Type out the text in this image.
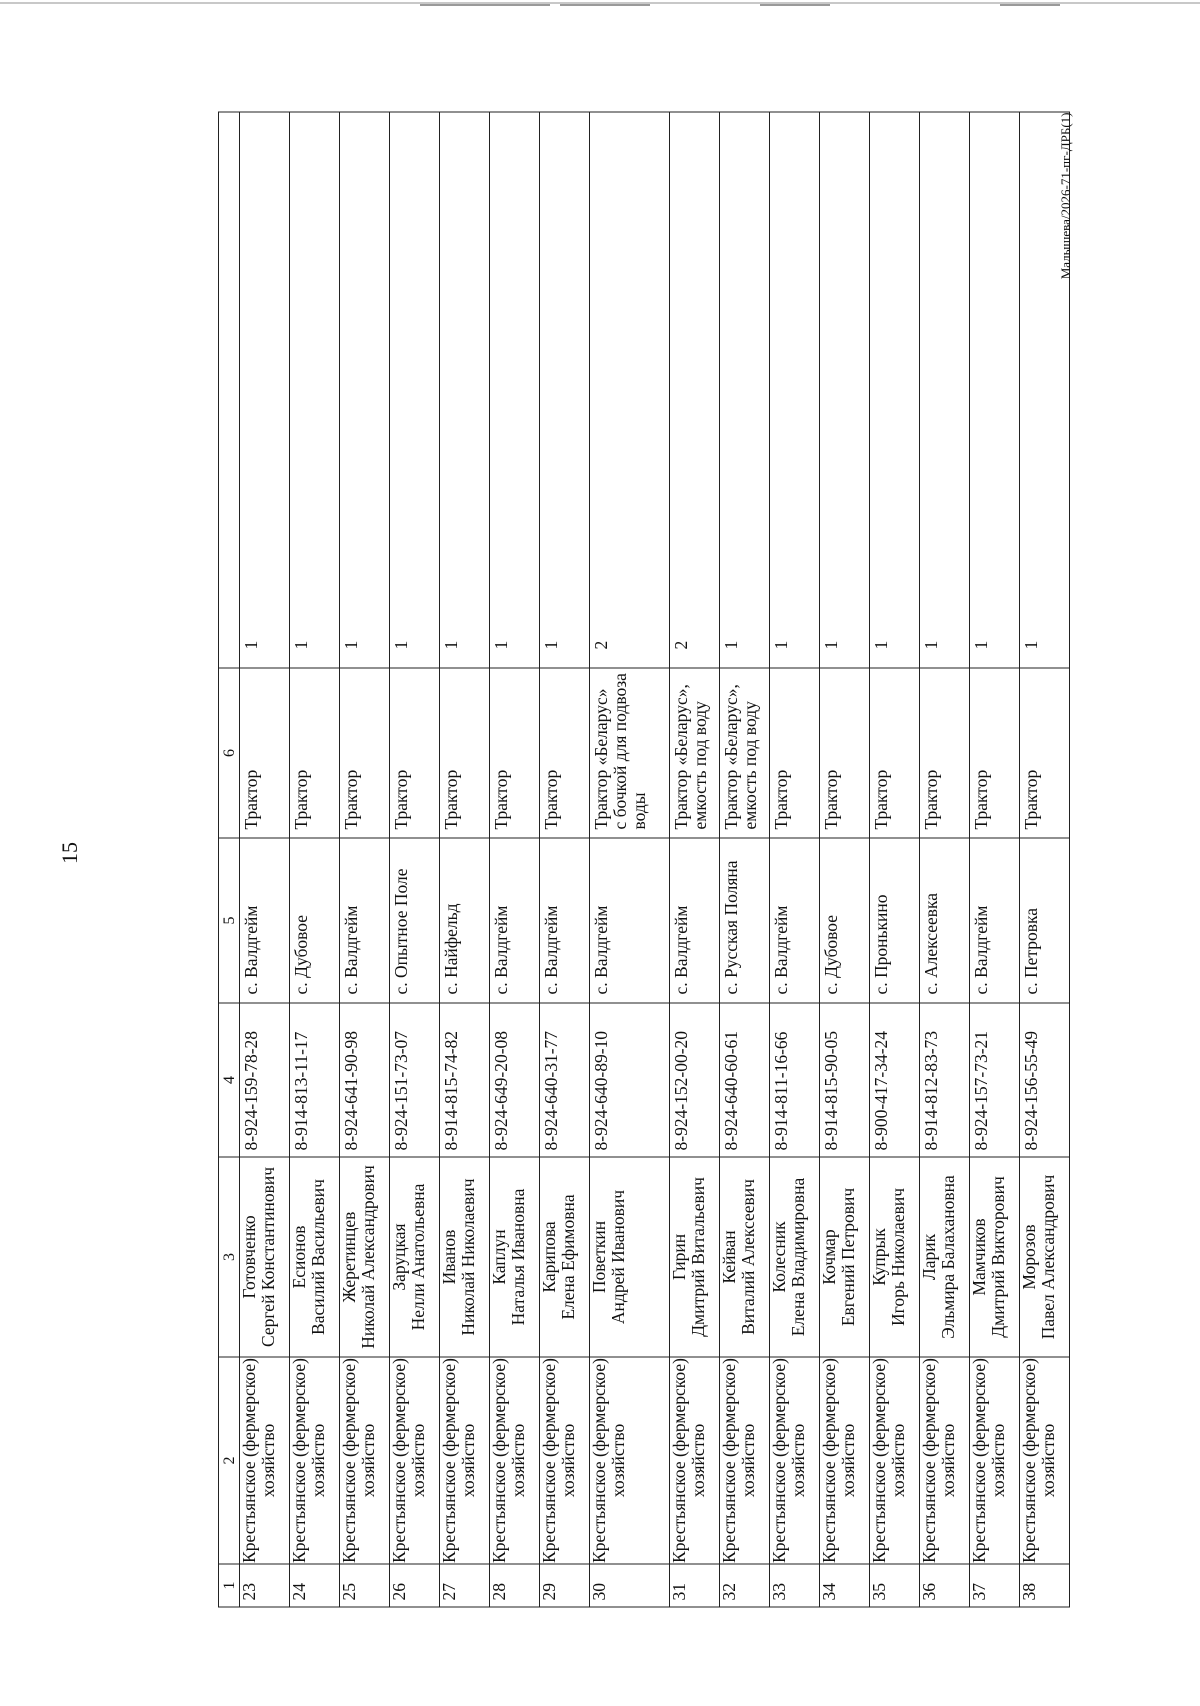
15
1	2	3	4	5	6	
23	Крестьянское (фермерское) хозяйство	Готовченко Сергей Константинович	8-924-159-78-28	с. Валдгейм	Трактор	1
24	Крестьянское (фермерское) хозяйство	Есионов Василий Васильевич	8-914-813-11-17	с. Дубовое	Трактор	1
25	Крестьянское (фермерское) хозяйство	Жеретинцев Николай Александрович	8-924-641-90-98	с. Валдгейм	Трактор	1
26	Крестьянское (фермерское) хозяйство	Заруцкая Нелли Анатольевна	8-924-151-73-07	с. Опытное Поле	Трактор	1
27	Крестьянское (фермерское) хозяйство	Иванов Николай Николаевич	8-914-815-74-82	с. Найфельд	Трактор	1
28	Крестьянское (фермерское) хозяйство	Каплун Наталья Ивановна	8-924-649-20-08	с. Валдгейм	Трактор	1
29	Крестьянское (фермерское) хозяйство	Карипова Елена Ефимовна	8-924-640-31-77	с. Валдгейм	Трактор	1
30	Крестьянское (фермерское) хозяйство	Поветкин Андрей Иванович	8-924-640-89-10	с. Валдгейм	Трактор «Беларус» с бочкой для подвоза воды	2
31	Крестьянское (фермерское) хозяйство	Гирин Дмитрий Витальевич	8-924-152-00-20	с. Валдгейм	Трактор «Беларус», емкость под воду	2
32	Крестьянское (фермерское) хозяйство	Кейван Виталий Алексеевич	8-924-640-60-61	с. Русская Поляна	Трактор «Беларус», емкость под воду	1
33	Крестьянское (фермерское) хозяйство	Колесник Елена Владимировна	8-914-811-16-66	с. Валдгейм	Трактор	1
34	Крестьянское (фермерское) хозяйство	Кочмар Евгений Петрович	8-914-815-90-05	с. Дубовое	Трактор	1
35	Крестьянское (фермерское) хозяйство	Купрык Игорь Николаевич	8-900-417-34-24	с. Пронькино	Трактор	1
36	Крестьянское (фермерское) хозяйство	Ларик Эльмира Балахановна	8-914-812-83-73	с. Алексеевка	Трактор	1
37	Крестьянское (фермерское) хозяйство	Мамчиков Дмитрий Викторович	8-924-157-73-21	с. Валдгейм	Трактор	1
38	Крестьянское (фермерское) хозяйство	Морозов Павел Александрович	8-924-156-55-49	с. Петровка	Трактор	1
Малышева/2026-71-пг-ДРБ(1)
